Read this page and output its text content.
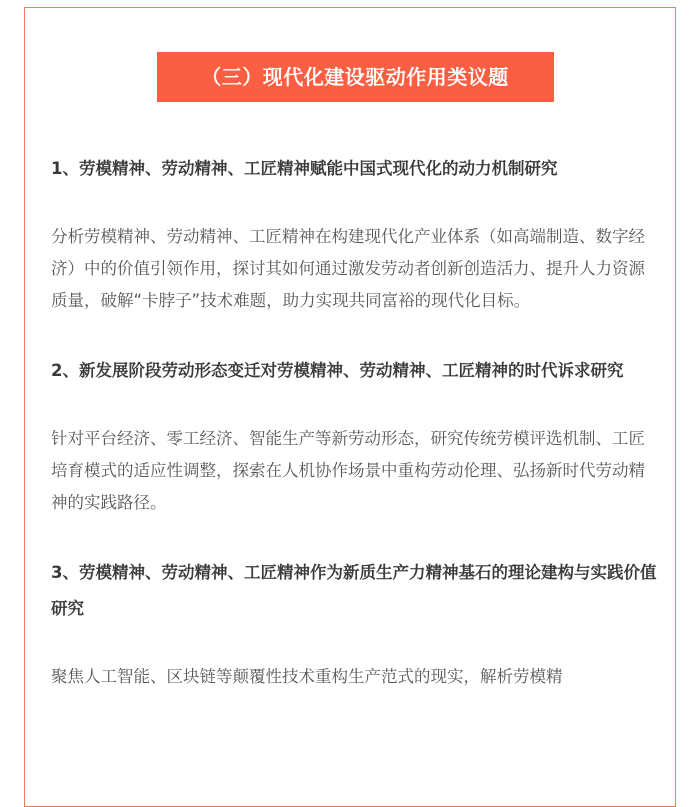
（三）现代化建设驱动作用类议题

1、劳模精神、劳动精神、工匠精神赋能中国式现代化的动力机制研究

分析劳模精神、劳动精神、工匠精神在构建现代化产业体系（如高端制造、数字经济）中的价值引领作用，探讨其如何通过激发劳动者创新创造活力、提升人力资源质量，破解“卡脖子”技术难题，助力实现共同富裕的现代化目标。

2、新发展阶段劳动形态变迁对劳模精神、劳动精神、工匠精神的时代诉求研究

针对平台经济、零工经济、智能生产等新劳动形态，研究传统劳模评选机制、工匠培育模式的适应性调整，探索在人机协作场景中重构劳动伦理、弘扬新时代劳动精神的实践路径。

3、劳模精神、劳动精神、工匠精神作为新质生产力精神基石的理论建构与实践价值研究

聚焦人工智能、区块链等颠覆性技术重构生产范式的现实，解析劳模精
